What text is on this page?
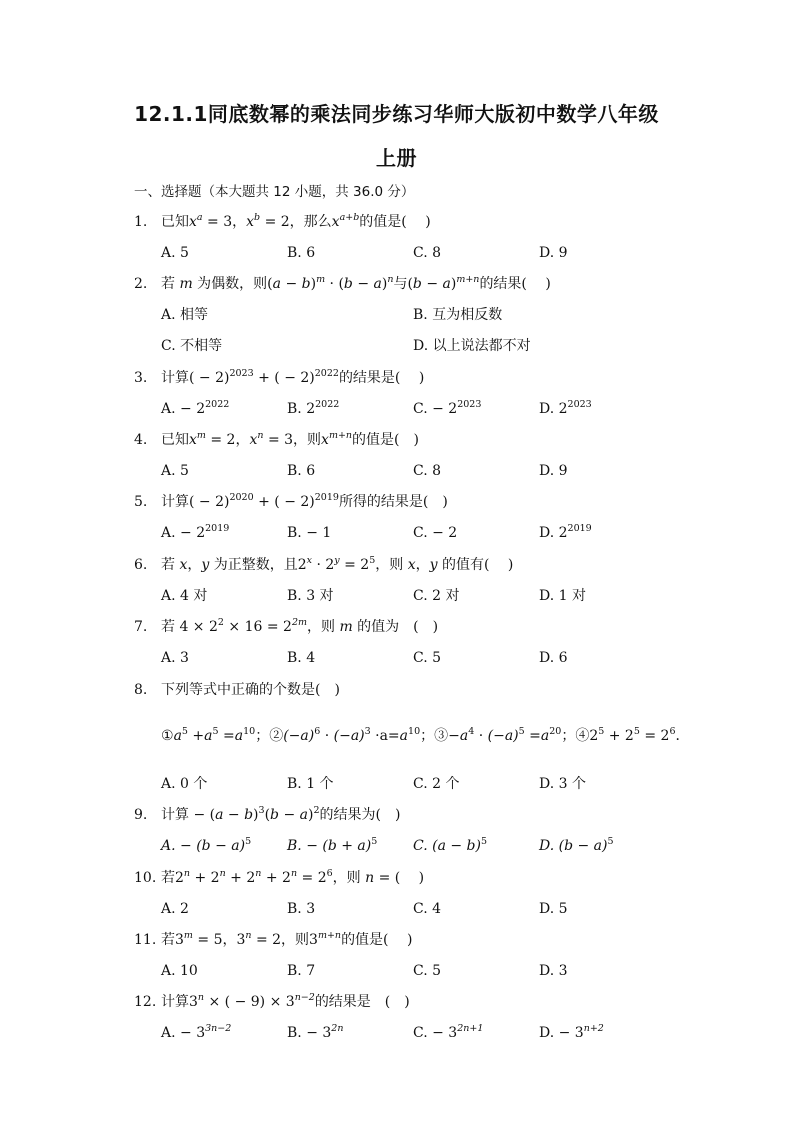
12.1.1同底数幂的乘法同步练习华师大版初中数学八年级
上册
一、选择题（本大题共 12 小题，共 36.0 分）
1. 已知$x^a = 3$，$x^b = 2$，那么$x^{a+b}$的值是(　 )
A. 5	B. 6	C. 8	D. 9
2. 若 m 为偶数，则$(a - b)^m \cdot (b - a)^n$与$(b - a)^{m+n}$的结果(　 )
A. 相等	B. 互为相反数
C. 不相等	D. 以上说法都不对
3. 计算( − 2)$^{2023}$ + ( − 2)$^{2022}$的结果是(　 )
A. − $2^{2022}$	B. $2^{2022}$	C. − $2^{2023}$	D. $2^{2023}$
4. 已知$x^m = 2$，$x^n = 3$，则$x^{m+n}$的值是(　)
A. 5	B. 6	C. 8	D. 9
5. 计算( − 2)$^{2020}$ + ( − 2)$^{2019}$所得的结果是(　)
A. − $2^{2019}$	B. − 1	C. − 2	D. $2^{2019}$
6. 若 x，y 为正整数，且$2^x \cdot 2^y = 2^5$，则 x，y 的值有(　 )
A. 4 对	B. 3 对	C. 2 对	D. 1 对
7. 若 $4 \times 2^2 \times 16 = 2^{2m}$，则 m 的值为　(　)
A. 3	B. 4	C. 5	D. 6
8. 下列等式中正确的个数是(　)
$①a^5 +a^5 =a^{10}$；$②(-a)^6 \cdot (-a)^3 \cdot a=a^{10}$；$③-a^4 \cdot (-a)^5 =a^{20}$；$④2^5 + 2^5 = 2^6$．
A. 0 个	B. 1 个	C. 2 个	D. 3 个
9. 计算 − $(a - b)^3(b - a)^2$的结果为(　)
A. − $(b - a)^5$	B. − $(b + a)^5$	C. $(a - b)^5$	D. $(b - a)^5$
10. 若$2^n + 2^n + 2^n + 2^n = 2^6$，则 n = (　 )
A. 2	B. 3	C. 4	D. 5
11. 若$3^m = 5$，$3^n = 2$，则$3^{m+n}$的值是(　 )
A. 10	B. 7	C. 5	D. 3
12. 计算$3^n$ × ( − $9) \times 3^{n-2}$的结果是　(　)
A. − $3^{3n-2}$	B. − $3^{2n}$	C. − $3^{2n+1}$	D. − $3^{n+2}$
